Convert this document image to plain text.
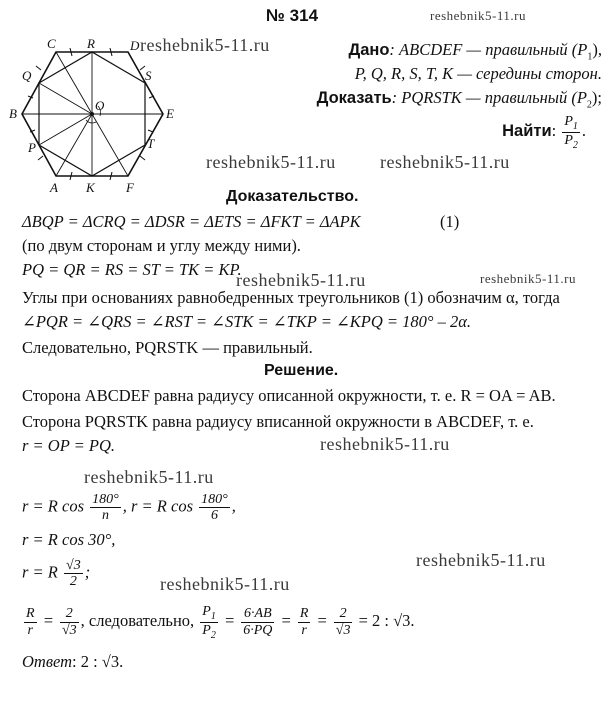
№ 314	reshebnik5-11.ru
reshebnik5-11.ru
reshebnik5-11.ru reshebnik5-11.ru
reshebnik5-11.ru	reshebnik5-11.ru
reshebnik5-11.ru
reshebnik5-11.ru
reshebnik5-11.ru
reshebnik5-11.ru
C R	D
Q	S
B
O
E
P	T
A K F
Дано: ABCDEF — правильный $(P_1)$,
P, Q, R, S, T, K — середины сторон.
Доказать: PQRSTK — правильный $(P_2)$;
Найти: $\frac{P_1}{P_2}$ .
Доказательство.
ΔBQP = ΔCRQ = ΔDSR = ΔETS = ΔFKT = ΔAPK	(1)
(по двум сторонам и углу между ними).
PQ = QR = RS = ST = TK = KP.
Углы при основаниях равнобедренных треугольников (1) обозначим α, тогда
∠PQR = ∠QRS = ∠RST = ∠STK = ∠TKP = ∠KPQ = 180° – 2α.
Следовательно, PQRSTK — правильный.
Решение.
Сторона ABCDEF равна радиусу описанной окружности, т. е. R = OA = AB.
Сторона PQRSTK равна радиусу вписанной окружности в ABCDEF, т. е.
r = OP = PQ.
r = R $\cos \frac{180^\circ}{n}$ , r = R $\cos \frac{180^\circ}{6}$ ,
r = R cos 30°,
r = R $\frac{√3}{2}$ ;
$\frac{R}{r} = \frac{2}{√3}$ , следовательно, $\frac{P_1}{P_2} = \frac{6\cdot AB}{6\cdot PQ} = \frac{R}{r} = \frac{2}{√3} = 2$ : √3.
Ответ: 2 : √3.
